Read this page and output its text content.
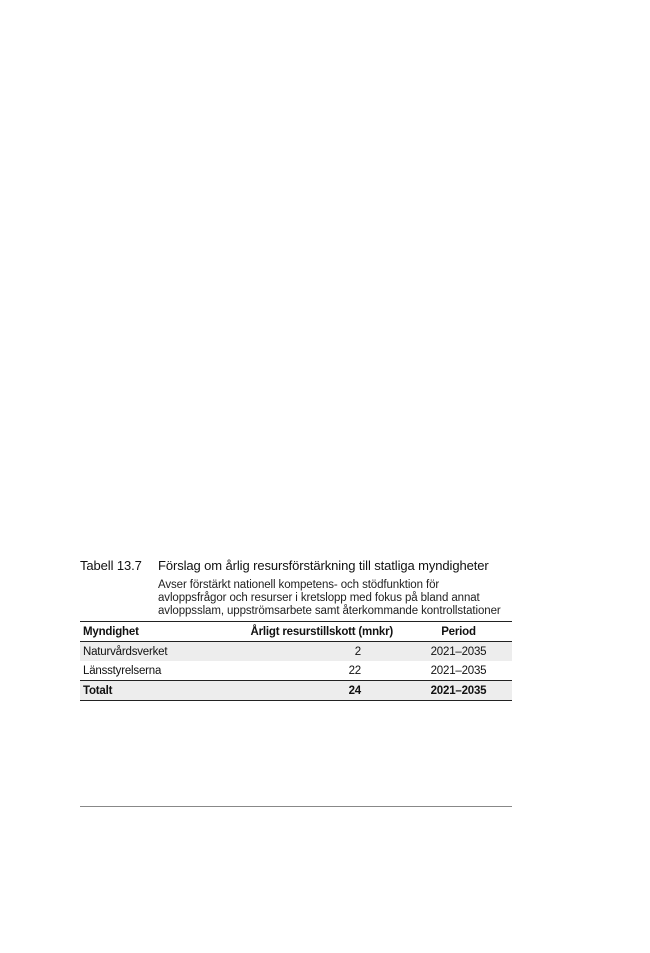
Tabell 13.7	Förslag om årlig resursförstärkning till statliga myndigheter
Avser förstärkt nationell kompetens- och stödfunktion för
avloppsfrågor och resurser i kretslopp med fokus på bland annat
avloppsslam, uppströmsarbete samt återkommande kontrollstationer
Myndighet	Årligt resurstillskott (mnkr)	Period
Naturvårdsverket	2	2021–2035
Länsstyrelserna	22	2021–2035
Totalt	24	2021–2035
